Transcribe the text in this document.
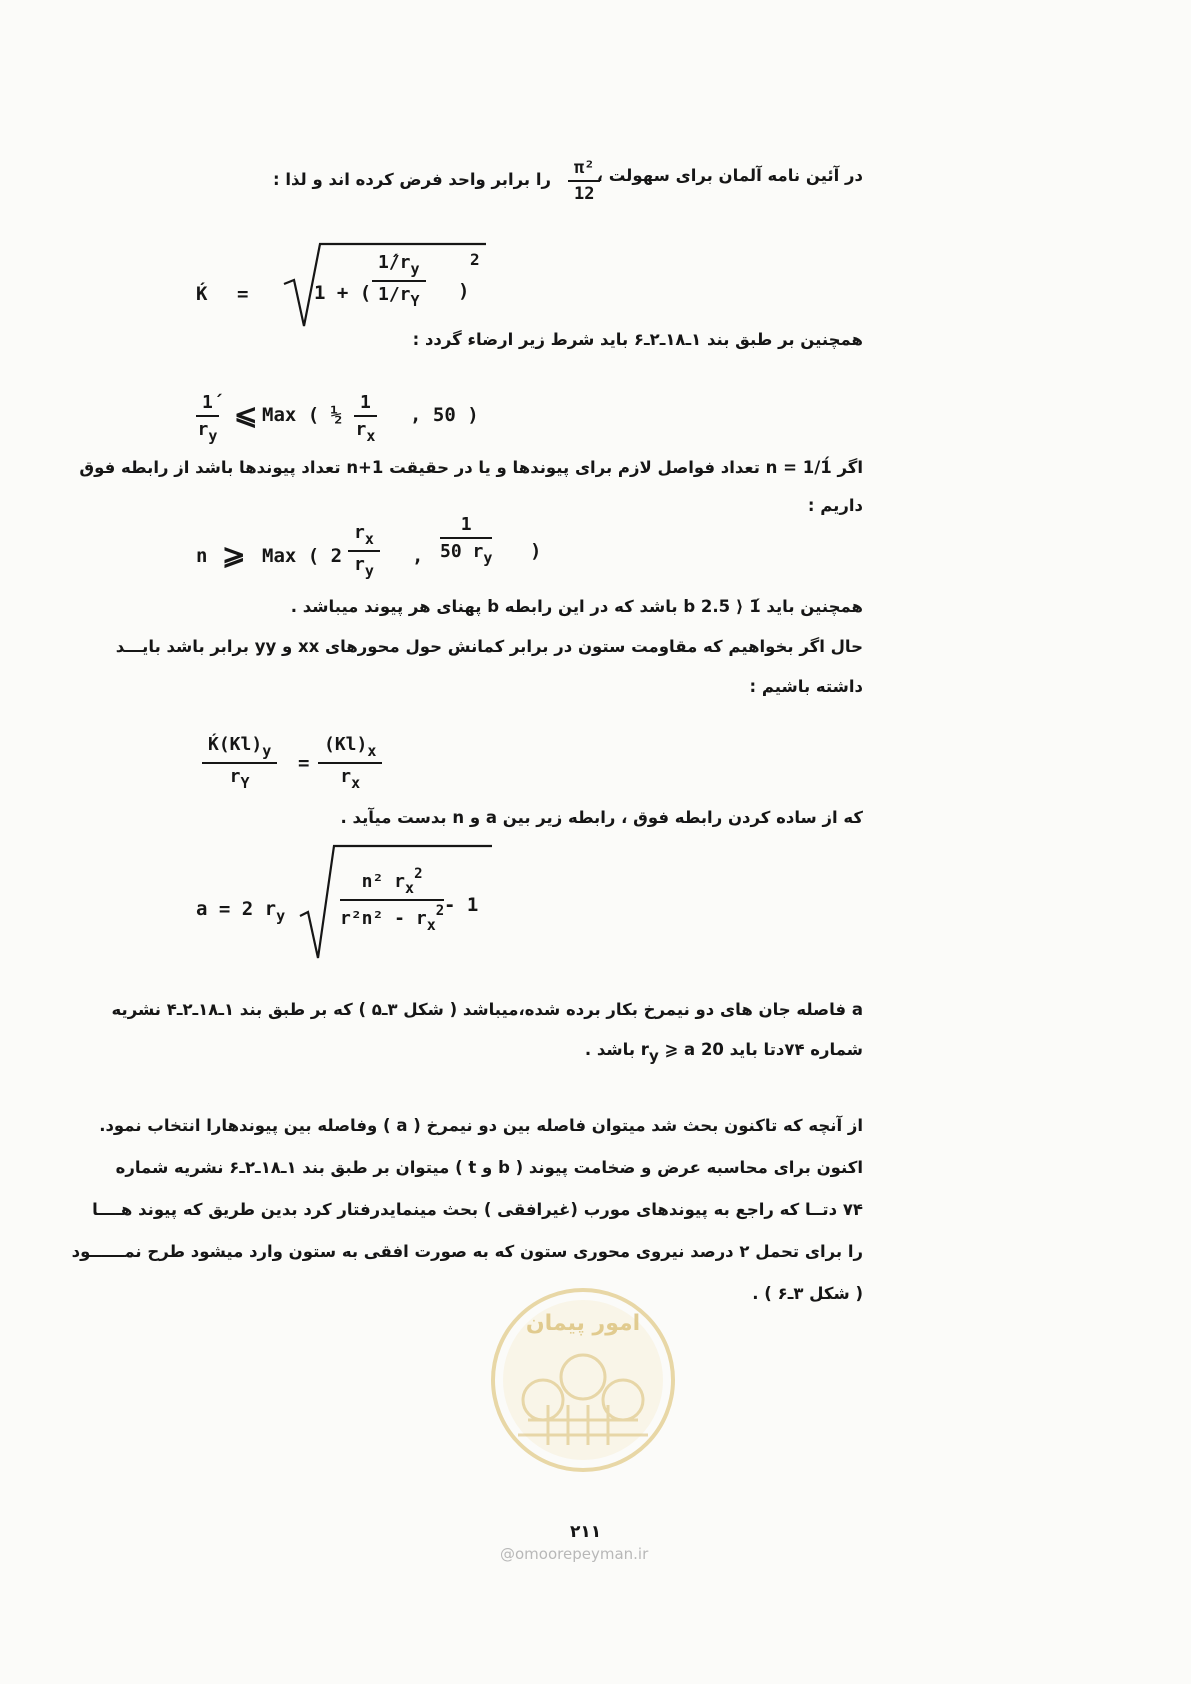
در آئین نامه آلمان برای سهولت ،
$\frac{\text{π²}}{12}$
را برابر واحد فرض کرده اند و لذا :
Ḱ =	1 + ( $\frac{1́/r_y}{1/r_Y}$ )
2
همچنین بر طبق بند ۱ـ۱۸ـ۲ـ۶ باید شرط زیر ارضاء گردد :
$\frac{1́}{r_y}$ ⩽ Max ( ½ $\frac{1}{r_x}$ , 50 )
اگر n = 1/1́ تعداد فواصل لازم برای پیوندها و یا در حقیقت n+1 تعداد پیوندها باشد از رابطه فوق
داریم :
n ⩾ Max ( $2 \frac{r_x}{r_y}$ , $\frac{1}{50 r_y}$ )
همچنین باید 1́ ⟨ 2.5 b باشد که در این رابطه b پهنای هر پیوند میباشد .
حال اگر بخواهیم که مقاومت ستون در برابر کمانش حول محورهای xx و yy برابر باشد بایـــد
داشته باشیم :
$\frac{Ḱ(Kl)_y}{r_Y} = \frac{(Kl)_x}{r_x}$
که از ساده کردن رابطه فوق ، رابطه زیر بین a و n بدست میآید .
a = 2 $r_y$	$\frac{n^2 r_x^2}{r^2n^2 - r_x^2} - 1$
a فاصله جان های دو نیمرخ بکار برده شده،میباشد ( شکل ۳ـ۵ ) که بر طبق بند ۱ـ۱۸ـ۲ـ۴ نشریه
شماره ۷۴دتا باید 20 $r_y$ ⩾ a باشد .
از آنچه که تاکنون بحث شد میتوان فاصله بین دو نیمرخ ( a ) وفاصله بین پیوندهارا انتخاب نمود.
اکنون برای محاسبه عرض و ضخامت پیوند ( b و t ) میتوان بر طبق بند ۱ـ۱۸ـ۲ـ۶ نشریه شماره
۷۴ دتــا که راجع به پیوندهای مورب (غیرافقی ) بحث مینمایدرفتار کرد بدین طریق که پیوند هــــا
را برای تحمل ۲ درصد نیروی محوری ستون که به صورت افقی به ستون وارد میشود طرح نمــــــود
( شکل ۳ـ۶ ) .
امور پیمان
۲۱۱
@omoorepeyman.ir
